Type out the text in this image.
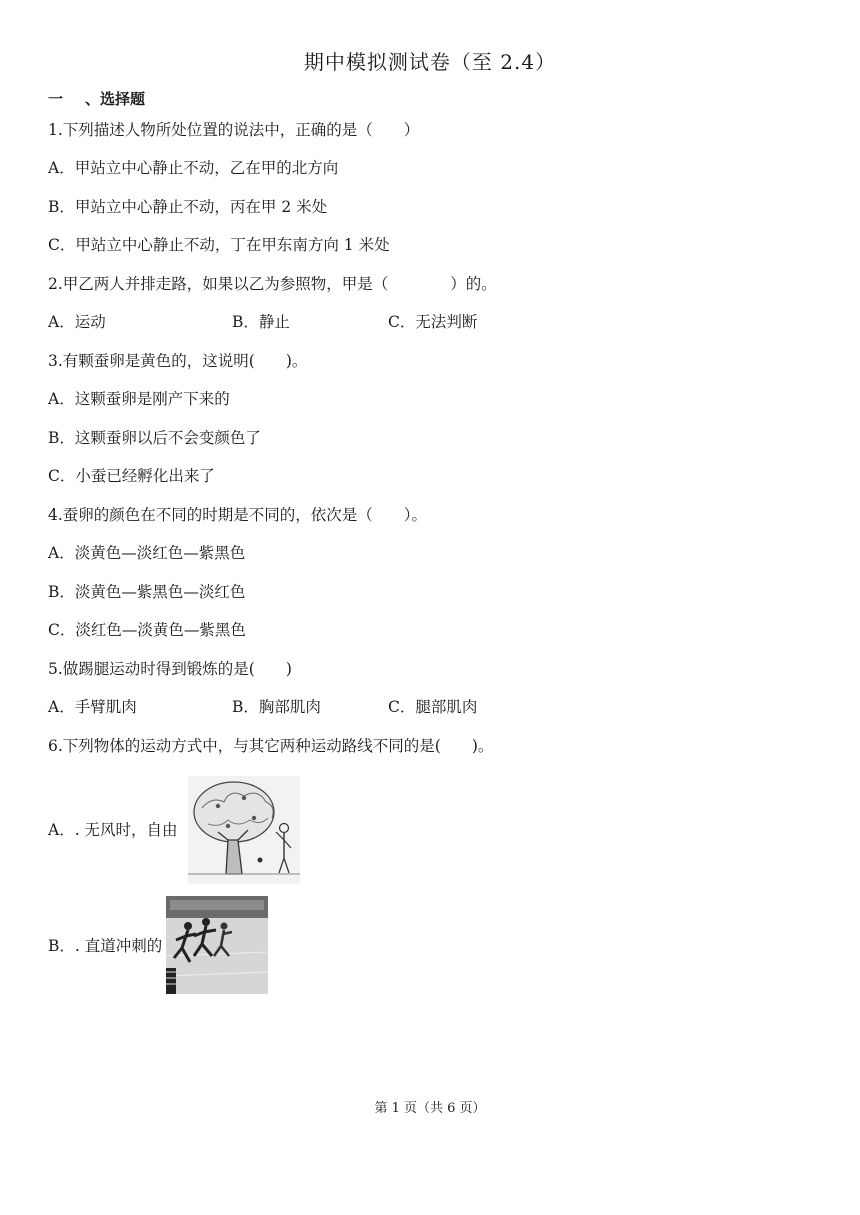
期中模拟测试卷（至 2.4）
一 、选择题
1.下列描述人物所处位置的说法中，正确的是（　　）
A．甲站立中心静止不动，乙在甲的北方向
B．甲站立中心静止不动，丙在甲 2 米处
C．甲站立中心静止不动，丁在甲东南方向 1 米处
2.甲乙两人并排走路，如果以乙为参照物，甲是（　　　　）的。
A．运动	B．静止	C．无法判断
3.有颗蚕卵是黄色的，这说明(　　)。
A．这颗蚕卵是刚产下来的
B．这颗蚕卵以后不会变颜色了
C．小蚕已经孵化出来了
4.蚕卵的颜色在不同的时期是不同的，依次是（　　）。
A．淡黄色—淡红色—紫黑色
B．淡黄色—紫黑色—淡红色
C．淡红色—淡黄色—紫黑色
5.做踢腿运动时得到锻炼的是(　　)
A．手臂肌肉	B．胸部肌肉	C．腿部肌肉
6.下列物体的运动方式中，与其它两种运动路线不同的是(　　)。
A．. 无风时，自由
B．. 直道冲刺的
第 1 页（共 6 页）
